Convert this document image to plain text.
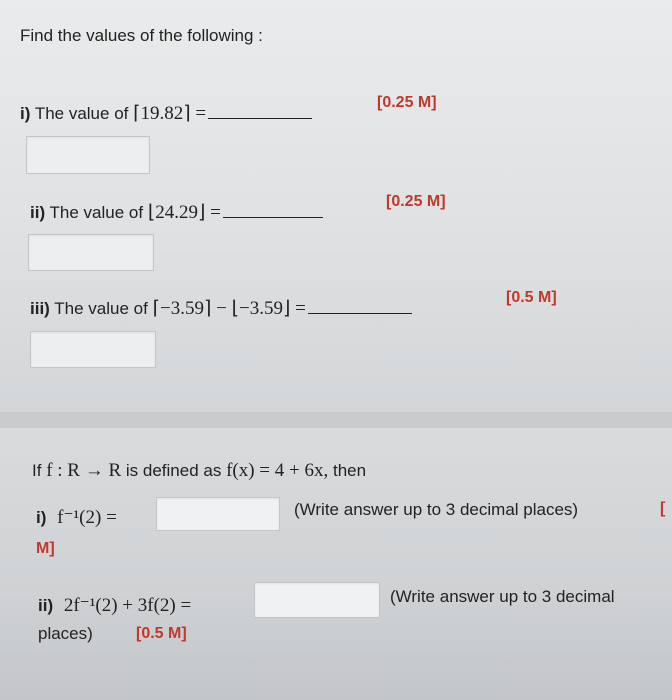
Find the values of the following :
i) The value of ⌈19.82⌉ =
[0.25 M]
ii) The value of ⌊24.29⌋ =
[0.25 M]
iii) The value of ⌈−3.59⌉ − ⌊−3.59⌋ =
[0.5 M]
If f : R → R is defined as f(x) = 4 + 6x, then
i) f⁻¹(2) =	(Write answer up to 3 decimal places)	[
M]
ii) 2f⁻¹(2) + 3f(2) =	(Write answer up to 3 decimal
places)	[0.5 M]
